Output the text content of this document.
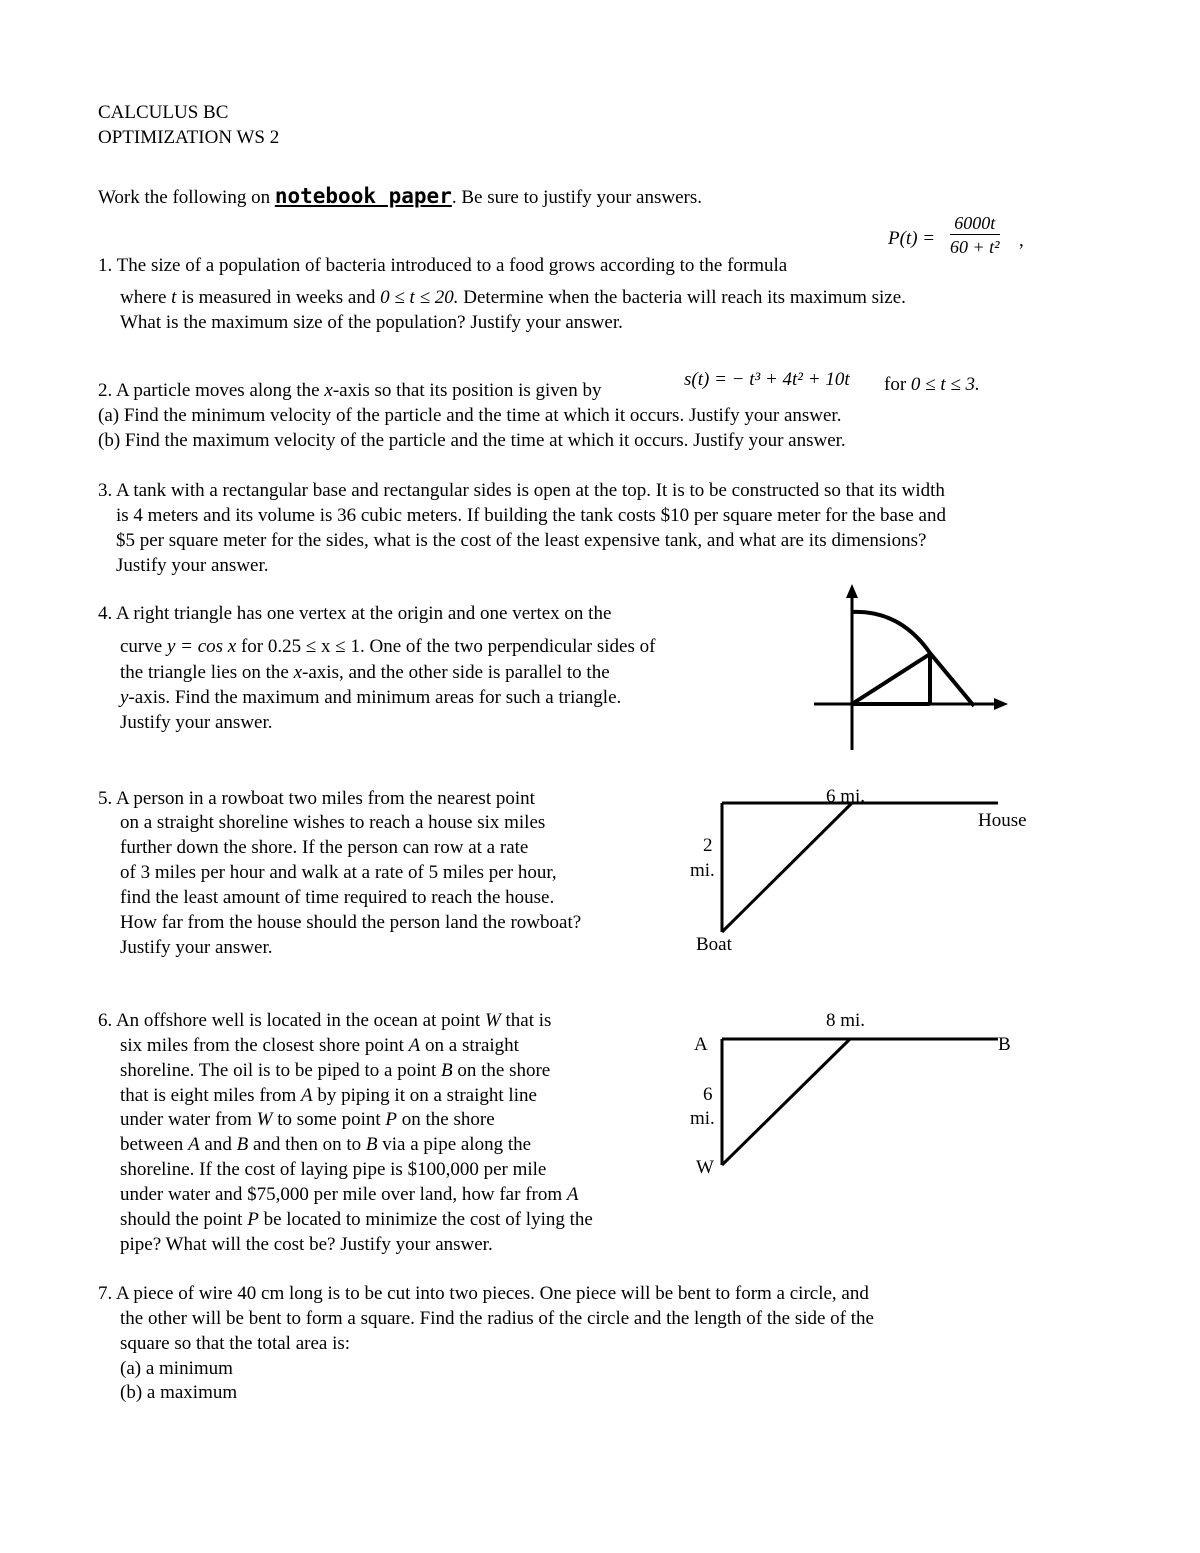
CALCULUS BC
OPTIMIZATION WS 2
Work the following on notebook paper. Be sure to justify your answers.
1. The size of a population of bacteria introduced to a food grows according to the formula
$P(t) = \frac{6000t}{\text{60 + t²}}$ ,
where t is measured in weeks and 0 ≤ t ≤ 20. Determine when the bacteria will reach its maximum size.
What is the maximum size of the population? Justify your answer.
2. A particle moves along the x-axis so that its position is given by
s(t) = − t³ + 4t² + 10t for 0 ≤ t ≤ 3.
(a) Find the minimum velocity of the particle and the time at which it occurs. Justify your answer.
(b) Find the maximum velocity of the particle and the time at which it occurs. Justify your answer.
3. A tank with a rectangular base and rectangular sides is open at the top. It is to be constructed so that its width
is 4 meters and its volume is 36 cubic meters. If building the tank costs $10 per square meter for the base and
$5 per square meter for the sides, what is the cost of the least expensive tank, and what are its dimensions?
Justify your answer.
4. A right triangle has one vertex at the origin and one vertex on the
curve y = cos x for 0.25 ≤ x ≤ 1. One of the two perpendicular sides of
the triangle lies on the x-axis, and the other side is parallel to the
y-axis. Find the maximum and minimum areas for such a triangle.
Justify your answer.
5. A person in a rowboat two miles from the nearest point
on a straight shoreline wishes to reach a house six miles
further down the shore. If the person can row at a rate
of 3 miles per hour and walk at a rate of 5 miles per hour,
find the least amount of time required to reach the house.
How far from the house should the person land the rowboat?
Justify your answer.
6 mi.
House
2
mi.
Boat
6. An offshore well is located in the ocean at point W that is
six miles from the closest shore point A on a straight
shoreline. The oil is to be piped to a point B on the shore
that is eight miles from A by piping it on a straight line
under water from W to some point P on the shore
between A and B and then on to B via a pipe along the
shoreline. If the cost of laying pipe is $100,000 per mile
under water and $75,000 per mile over land, how far from A
should the point P be located to minimize the cost of lying the
pipe? What will the cost be? Justify your answer.
8 mi.
A	B
6
mi.
W
7. A piece of wire 40 cm long is to be cut into two pieces. One piece will be bent to form a circle, and
the other will be bent to form a square. Find the radius of the circle and the length of the side of the
square so that the total area is:
(a) a minimum
(b) a maximum
